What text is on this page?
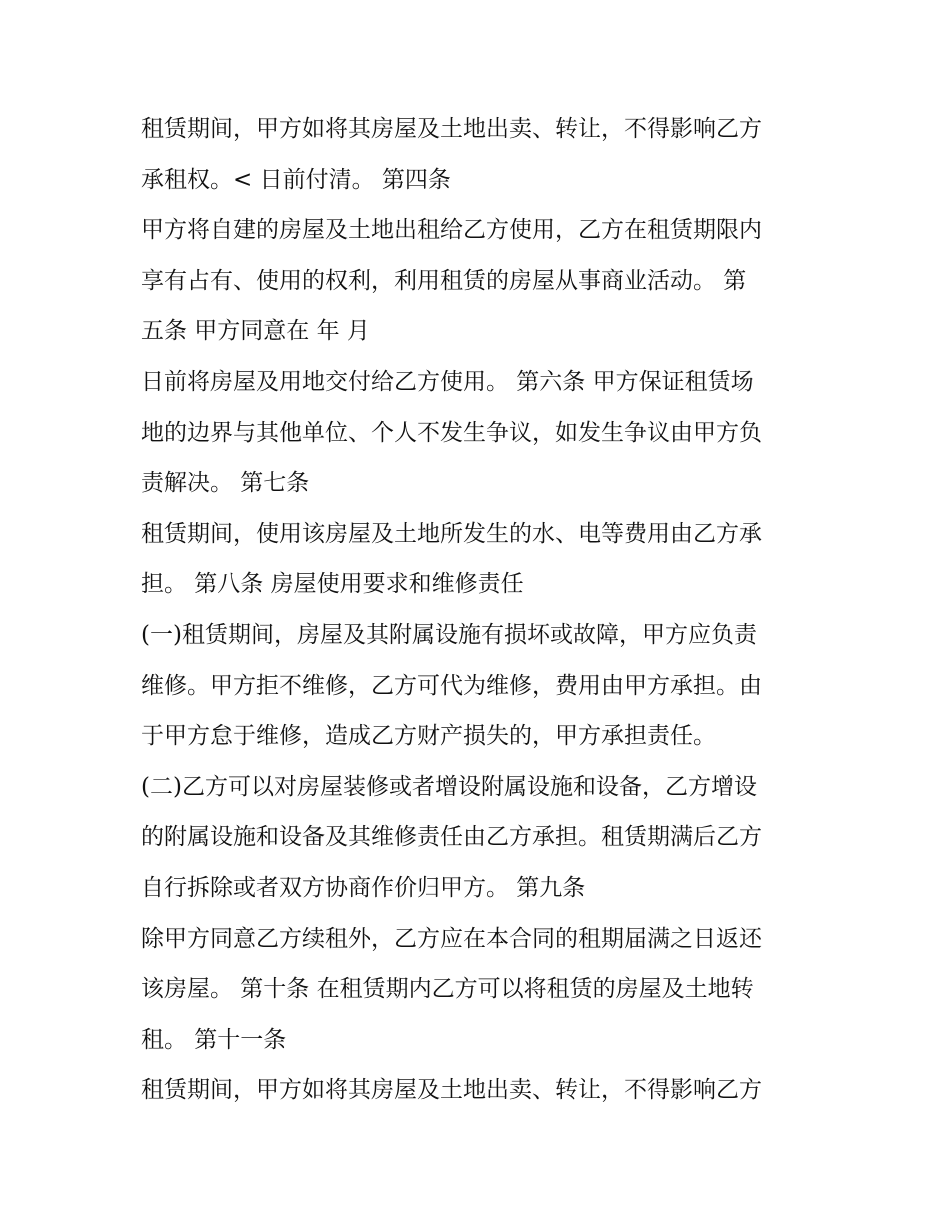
租赁期间，甲方如将其房屋及土地出卖、转让，不得影响乙方
承租权。< 日前付清。 第四条
甲方将自建的房屋及土地出租给乙方使用，乙方在租赁期限内
享有占有、使用的权利，利用租赁的房屋从事商业活动。 第
五条 甲方同意在 年 月
日前将房屋及用地交付给乙方使用。 第六条 甲方保证租赁场
地的边界与其他单位、个人不发生争议，如发生争议由甲方负
责解决。 第七条
租赁期间，使用该房屋及土地所发生的水、电等费用由乙方承
担。 第八条 房屋使用要求和维修责任
(一)租赁期间，房屋及其附属设施有损坏或故障，甲方应负责
维修。甲方拒不维修，乙方可代为维修，费用由甲方承担。由
于甲方怠于维修，造成乙方财产损失的，甲方承担责任。
(二)乙方可以对房屋装修或者增设附属设施和设备，乙方增设
的附属设施和设备及其维修责任由乙方承担。租赁期满后乙方
自行拆除或者双方协商作价归甲方。 第九条
除甲方同意乙方续租外，乙方应在本合同的租期届满之日返还
该房屋。 第十条 在租赁期内乙方可以将租赁的房屋及土地转
租。 第十一条
租赁期间，甲方如将其房屋及土地出卖、转让，不得影响乙方
